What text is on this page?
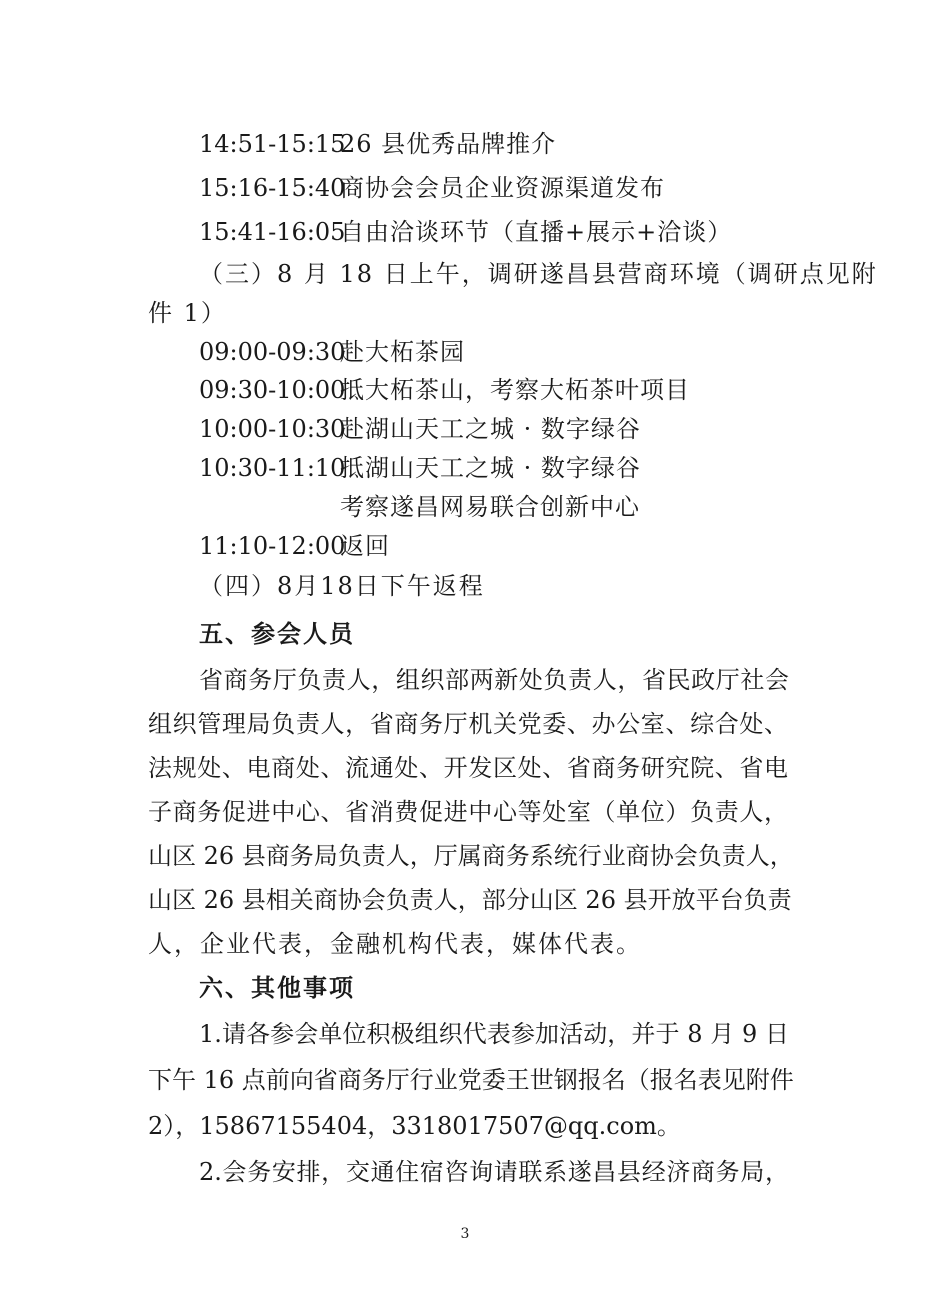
14:51-15:15
26 县优秀品牌推介
15:16-15:40
商协会会员企业资源渠道发布
15:41-16:05
自由洽谈环节（直播+展示+洽谈）
（三）8 月 18 日上午，调研遂昌县营商环境（调研点见附
件 1）
09:00-09:30
赴大柘茶园
09:30-10:00
抵大柘茶山，考察大柘茶叶项目
10:00-10:30
赴湖山天工之城 · 数字绿谷
10:30-11:10
抵湖山天工之城 · 数字绿谷
考察遂昌网易联合创新中心
11:10-12:00
返回
（四）8月18日下午返程
五、参会人员
省商务厅负责人，组织部两新处负责人，省民政厅社会
组织管理局负责人，省商务厅机关党委、办公室、综合处、
法规处、电商处、流通处、开发区处、省商务研究院、省电
子商务促进中心、省消费促进中心等处室（单位）负责人，
山区 26 县商务局负责人，厅属商务系统行业商协会负责人，
山区 26 县相关商协会负责人，部分山区 26 县开放平台负责
人，企业代表，金融机构代表，媒体代表。
六、其他事项
1.请各参会单位积极组织代表参加活动，并于 8 月 9 日
下午 16 点前向省商务厅行业党委王世钢报名（报名表见附件
2），15867155404，3318017507@qq.com。
2.会务安排，交通住宿咨询请联系遂昌县经济商务局，
3
